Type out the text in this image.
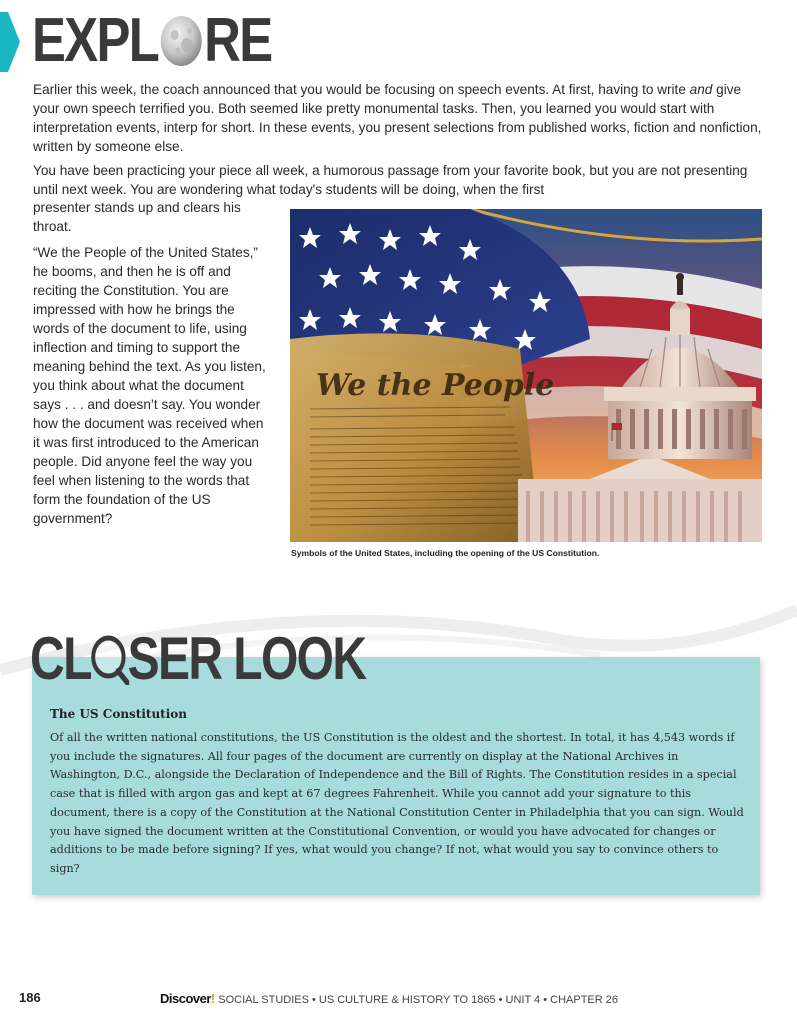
EXPL RE

Earlier this week, the coach announced that you would be focusing on speech events. At first, having to write and give your own speech terrified you. Both seemed like pretty monumental tasks. Then, you learned you would start with interpretation events, interp for short. In these events, you present selections from published works, fiction and nonfiction, written by someone else.

You have been practicing your piece all week, a humorous passage from your favorite book, but you are not presenting until next week. You are wondering what today's students will be doing, when the first

presenter stands up and clears his throat.

“We the People of the United States,” he booms, and then he is off and reciting the Constitution. You are impressed with how he brings the words of the document to life, using inflection and timing to support the meaning behind the text. As you listen, you think about what the document says . . . and doesn’t say. You wonder how the document was received when it was first introduced to the American people. Did anyone feel the way you feel when listening to the words that form the foundation of the US government?

We the People

Symbols of the United States, including the opening of the US Constitution.

The US Constitution

Of all the written national constitutions, the US Constitution is the oldest and the shortest. In total, it has 4,543 words if you include the signatures. All four pages of the document are currently on display at the National Archives in Washington, D.C., alongside the Declaration of Independence and the Bill of Rights. The Constitution resides in a special case that is filled with argon gas and kept at 67 degrees Fahrenheit. While you cannot add your signature to this document, there is a copy of the Constitution at the National Constitution Center in Philadelphia that you can sign. Would you have signed the document written at the Constitutional Convention, or would you have advocated for changes or additions to be made before signing? If yes, what would you change? If not, what would you say to convince others to sign?

CL SER LOOK
186	Discover! SOCIAL STUDIES • US CULTURE & HISTORY TO 1865 • UNIT 4 • CHAPTER 26
